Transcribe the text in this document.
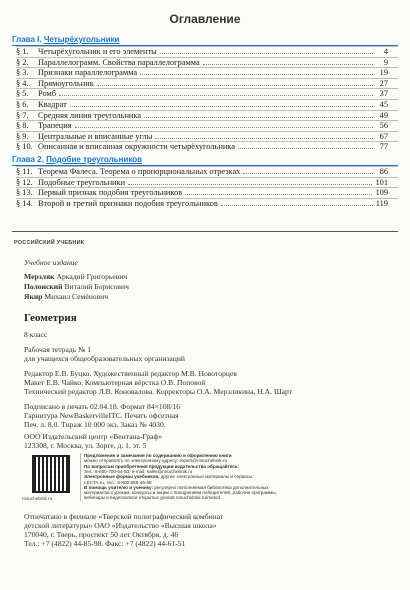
Оглавление
Глава I. Четырёхугольники
§ 1.	Четырёхугольник и его элементы	4
§ 2.	Параллелограмм. Свойства параллелограмма	9
§ 3.	Признаки параллелограмма	19
§ 4.	Прямоугольник	27
§ 5.	Ромб	37
§ 6.	Квадрат	45
§ 7.	Средняя линия треугольника	49
§ 8.	Трапеция	56
§ 9.	Центральные и вписанные углы	67
§ 10. Описанная и вписанная окружности четырёхугольника	77
Глава 2. Подобие треугольников
§ 11. Теорема Фалеса. Теорема о пропорциональных отрезках	86
§ 12. Подобные треугольники	101
§ 13. Первый признак подобия треугольников	109
§ 14. Второй и третий признаки подобия треугольников	119
РОССИЙСКИЙ УЧЕБНИК
Учебное издание
Мерзляк Аркадий Григорьевич
Полонский Виталий Борисович
Якир Михаил Семёнович
Геометрия
8 класс
Рабочая тетрадь № 1
для учащихся общеобразовательных организаций
Редактор Е.В. Буцко. Художественный редактор М.В. Новоторцев
Макет Е.В. Чайко. Компьютерная вёрстка О.В. Поповой
Технический редактор Л.В. Коновалова. Корректоры О.А. Мерзликина, Н.А. Шарт
Подписано в печать 02.04.18. Формат 84×108/16
Гарнитура NewBaskervilleITC. Печать офсетная
Печ. л. 8.0. Тираж 10 000 экз. Заказ № 4030.
ООО Издательский центр «Вентана-Граф»
123308, г. Москва, ул. Зорге, д. 1, эт. 5
rosuchebnik.ru
Предложения и замечания по содержанию и оформлению книги
можно отправлять по электронному адресу: expert@rosuchebnik.ru
По вопросам приобретения продукции издательства обращайтесь:
тел.: 8-800-700-64-83; e-mail: sales@rosuchebnik.ru
Электронные формы учебников, другие электронные материалы и сервисы:
LECTA.ru, тел.: 8-800-555-46-68
В помощь учителю и ученику: регулярно пополняемая библиотека дополнительных
материалов к урокам, конкурсы и акции с поощрением победителей, рабочие программы,
вебинары и видеозаписи открытых уроков rosuchebnik.ru/metod
Отпечатано в филиале «Тверской полиграфический комбинат
детской литературы» ОАО «Издательство «Высшая школа»
170040, г. Тверь, проспект 50 лет Октября, д. 46
Тел.: +7 (4822) 44-85-98. Факс: +7 (4822) 44-61-51
